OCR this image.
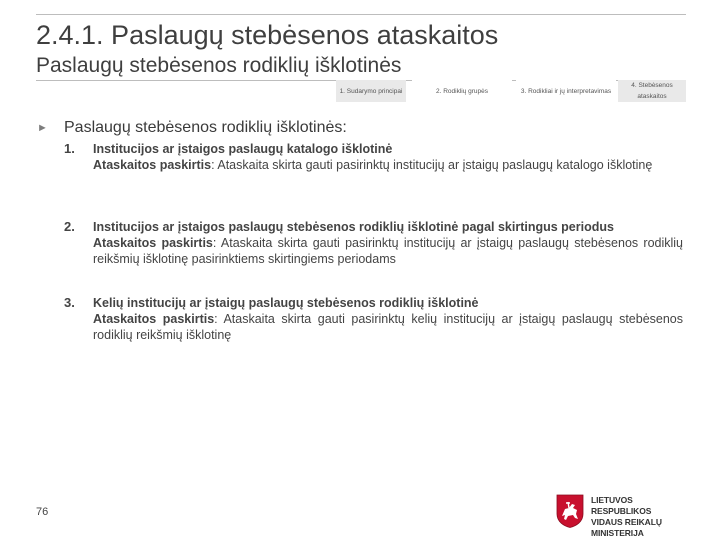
2.4.1. Paslaugų stebėsenos ataskaitos
Paslaugų stebėsenos rodiklių išklotinės
1. Sudarymo principai	2. Rodiklių grupės	3. Rodikliai ir jų interpretavimas
4. Stebėsenos ataskaitos
► Paslaugų stebėsenos rodiklių išklotinės:
1. Institucijos ar įstaigos paslaugų katalogo išklotinė
Ataskaitos paskirtis: Ataskaita skirta gauti pasirinktų institucijų ar įstaigų paslaugų katalogo išklotinę
2. Institucijos ar įstaigos paslaugų stebėsenos rodiklių išklotinė pagal skirtingus periodus
Ataskaitos paskirtis: Ataskaita skirta gauti pasirinktų institucijų ar įstaigų paslaugų stebėsenos rodiklių reikšmių išklotinę pasirinktiems skirtingiems periodams
3. Kelių institucijų ar įstaigų paslaugų stebėsenos rodiklių išklotinė
Ataskaitos paskirtis: Ataskaita skirta gauti pasirinktų kelių institucijų ar įstaigų paslaugų stebėsenos rodiklių reikšmių išklotinę
76
LIETUVOS RESPUBLIKOS
VIDAUS REIKALŲ
MINISTERIJA
